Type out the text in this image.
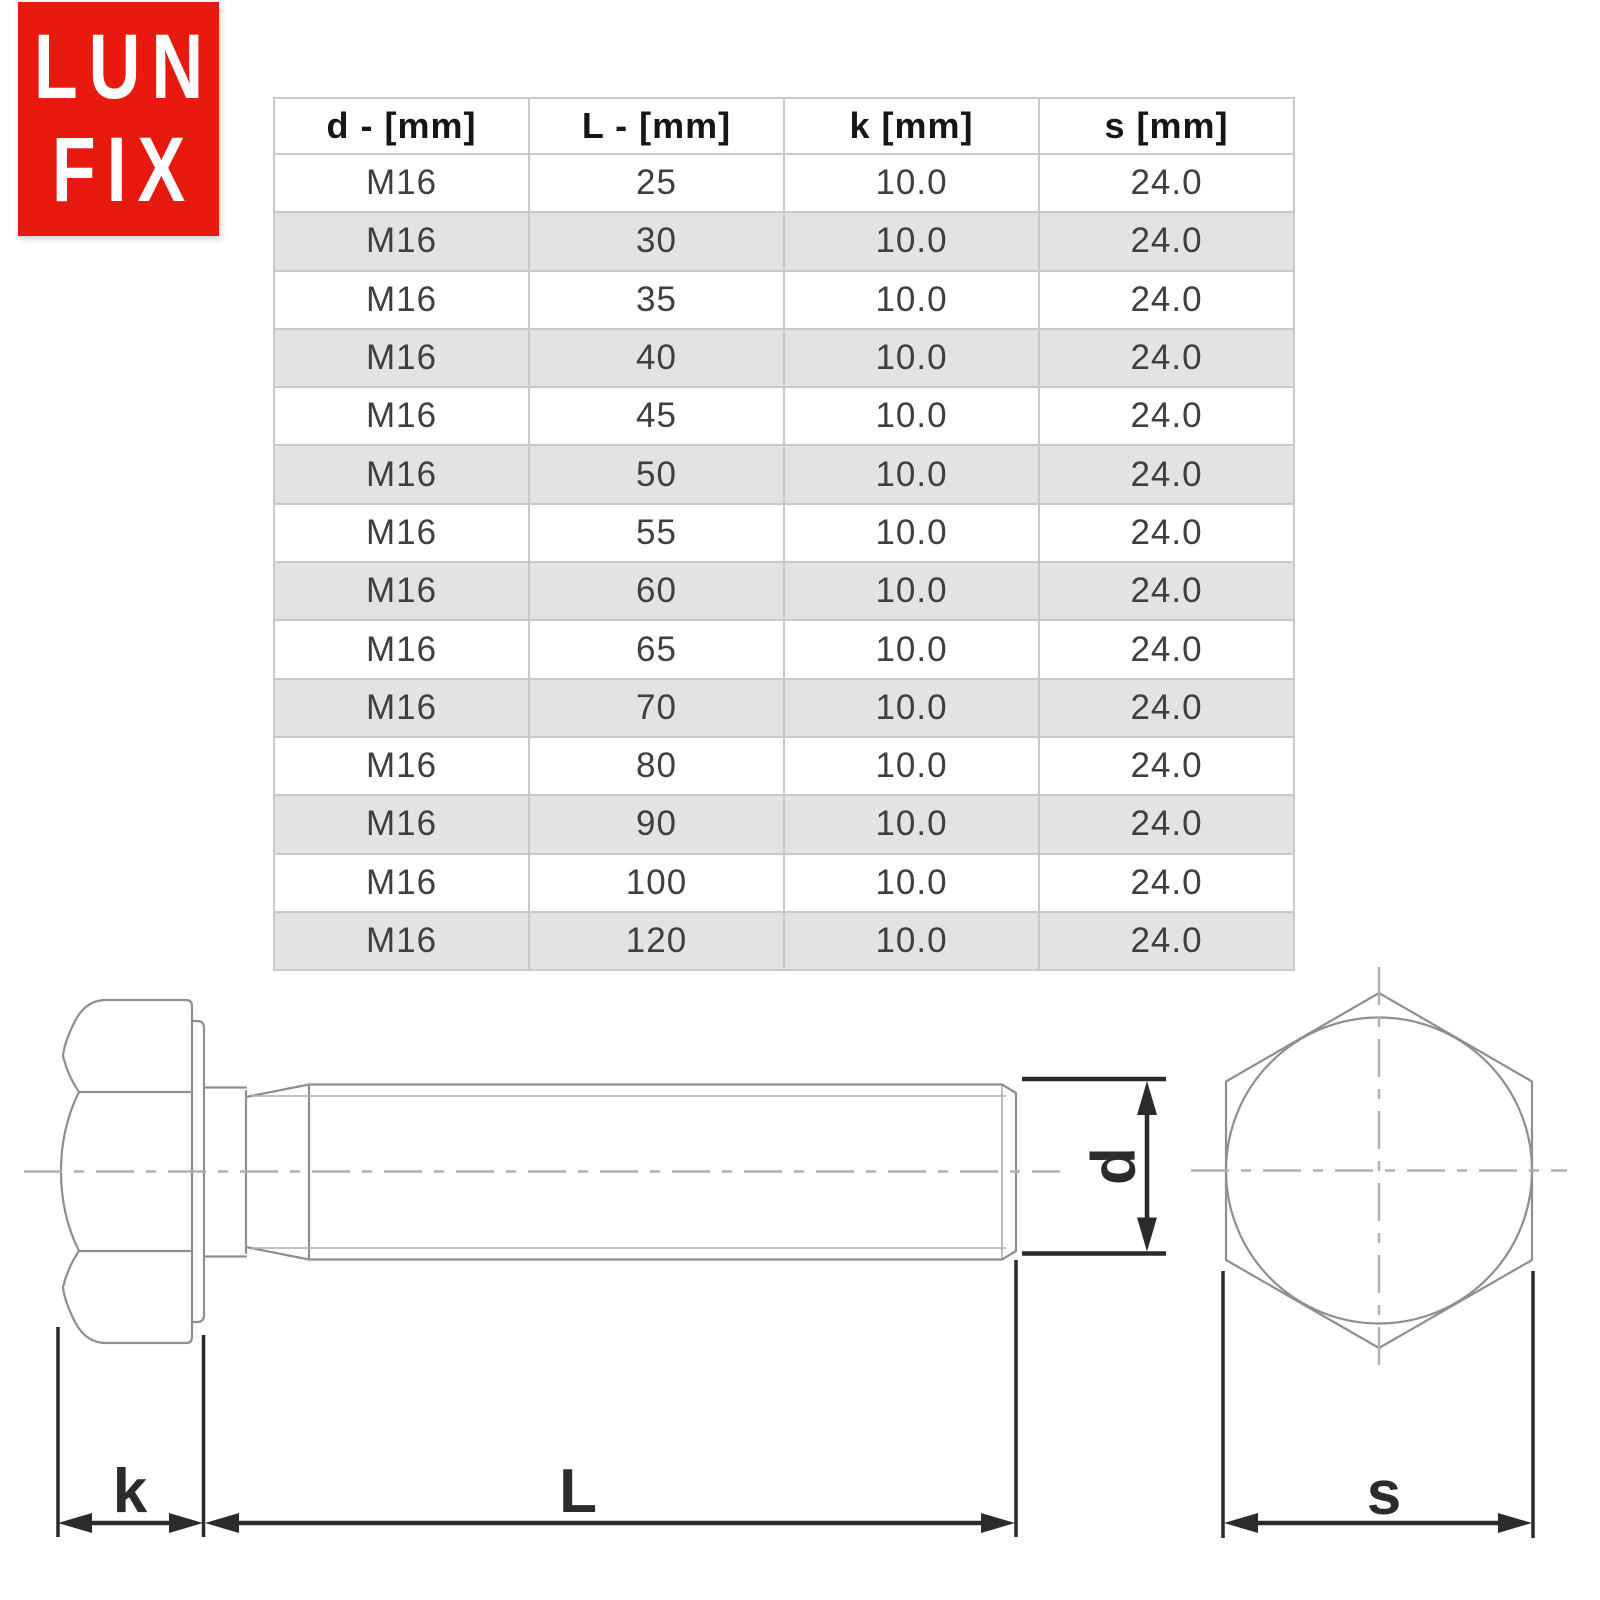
LUN
FIX	d - [mm]	L - [mm]	k [mm]	s [mm]
M16	25	10.0	24.0
M16	30	10.0	24.0
M16	35	10.0	24.0
M16	40	10.0	24.0
M16	45	10.0	24.0
M16	50	10.0	24.0
M16	55	10.0	24.0
M16	60	10.0	24.0
M16	65	10.0	24.0
M16	70	10.0	24.0
M16	80	10.0	24.0
M16	90	10.0	24.0
M16	100	10.0	24.0
M16	120	10.0	24.0
k	L
d
s
